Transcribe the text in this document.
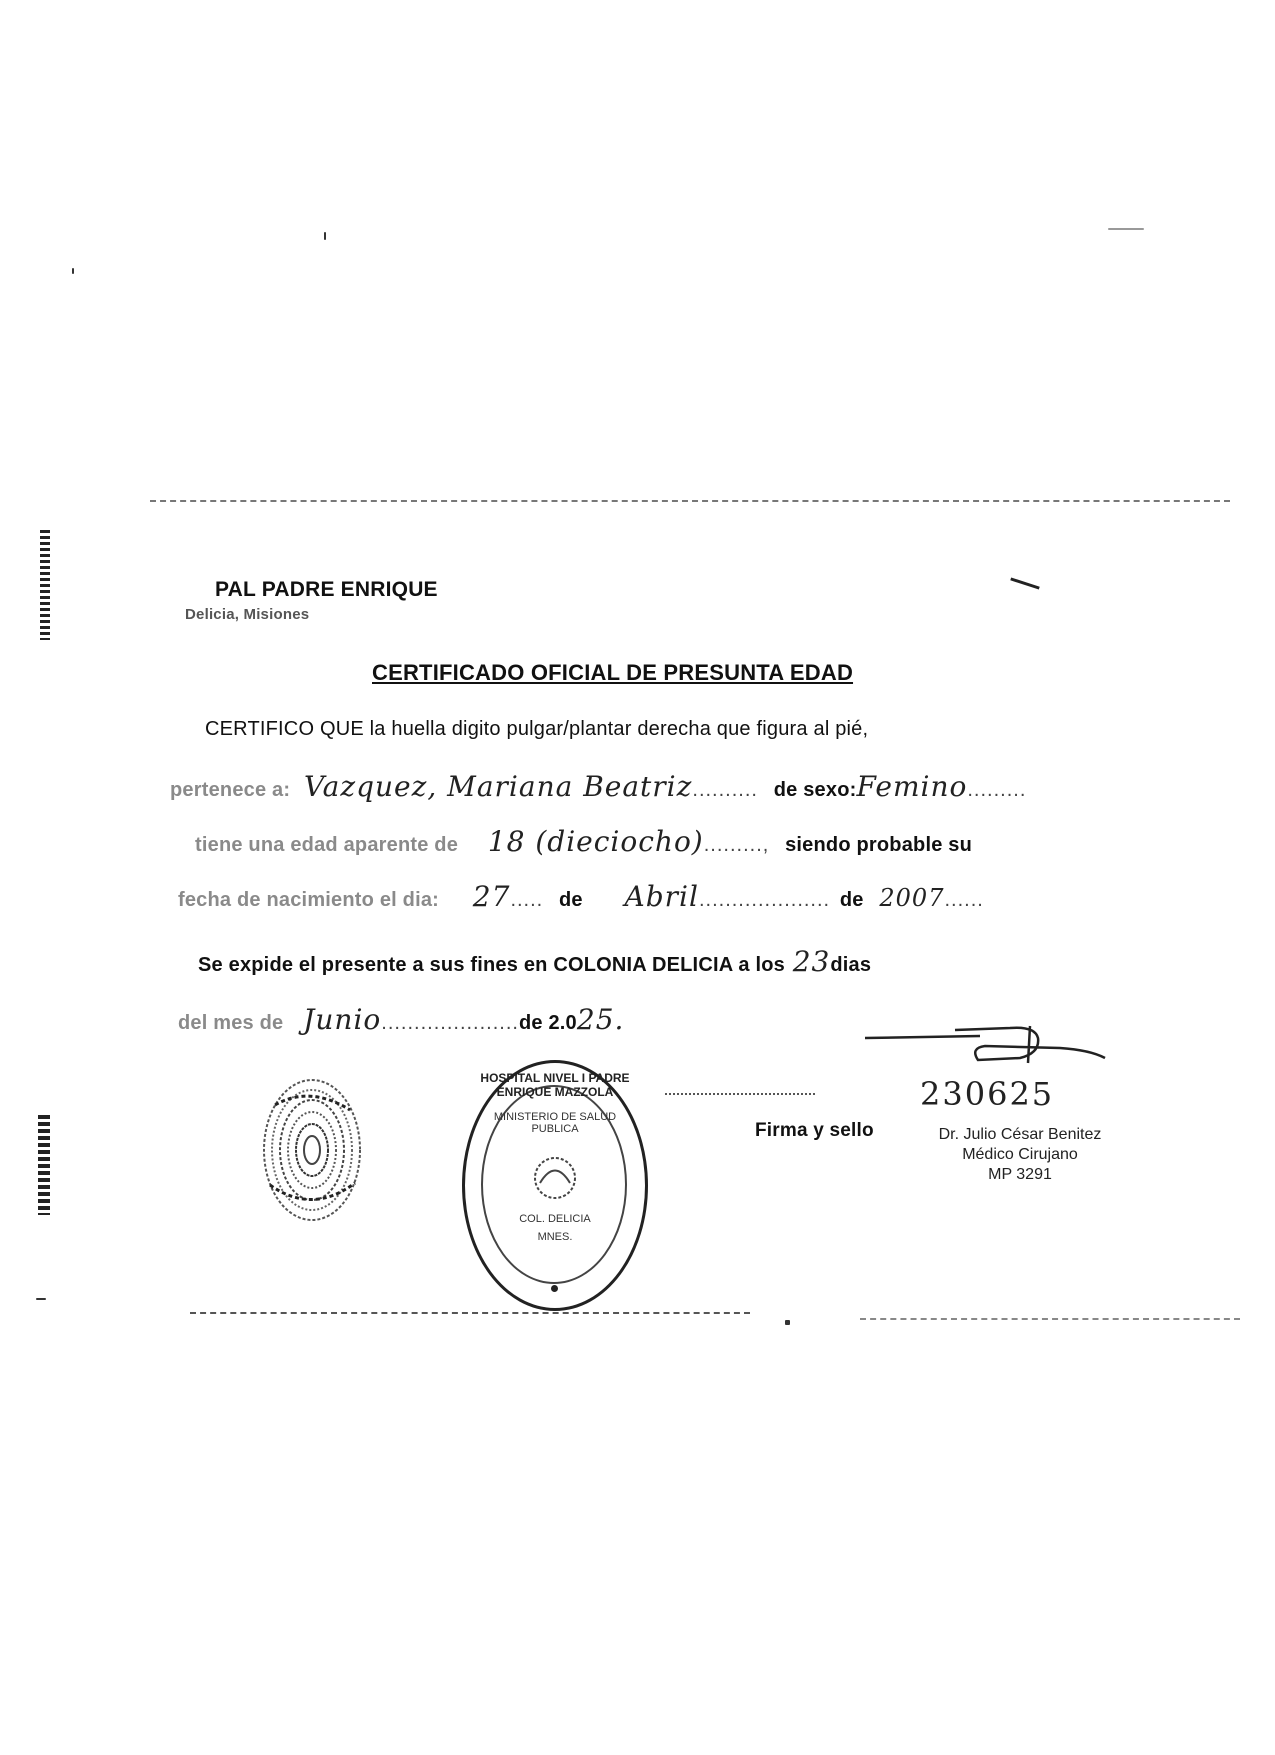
PAL PADRE ENRIQUE
Delicia, Misiones
CERTIFICADO OFICIAL DE PRESUNTA EDAD
CERTIFICO QUE la huella digito pulgar/plantar derecha que figura al pié,
pertenece a: Vazquez, Mariana Beatriz.......... de sexo:Femino.........
tiene una edad aparente de 18 (dieciocho)........., siendo probable su
fecha de nacimiento el dia: 27..... de Abril.................... de 2007......
Se expide el presente a sus fines en COLONIA DELICIA a los 23dias
del mes de Junio.....................de 2.025.
HOSPITAL NIVEL I PADRE ENRIQUE MAZZOLA
MINISTERIO DE SALUD PUBLICA
COL. DELICIA
MNES.
230625
Firma y sello	Dr. Julio César Benitez
Médico Cirujano
MP 3291
